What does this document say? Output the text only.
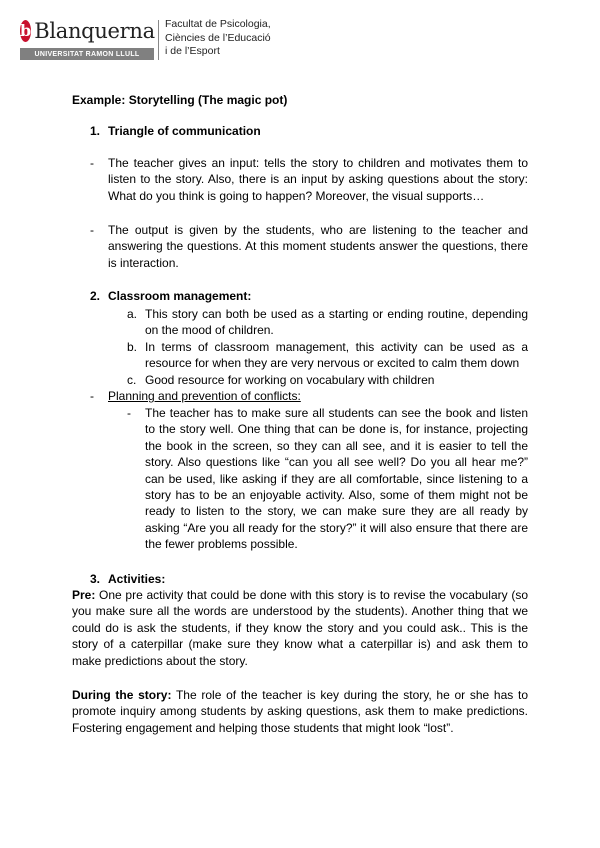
b Blanquerna
UNIVERSITAT RAMON LLULL
Facultat de Psicologia,
Ciències de l’Educació
i de l’Esport
Example: Storytelling (The magic pot)
1. Triangle of communication
- The teacher gives an input: tells the story to children and motivates them to listen to the story. Also, there is an input by asking questions about the story: What do you think is going to happen? Moreover, the visual supports…
- The output is given by the students, who are listening to the teacher and answering the questions. At this moment students answer the questions, there is interaction.
2. Classroom management:
a. This story can both be used as a starting or ending routine, depending on the mood of children.
b. In terms of classroom management, this activity can be used as a resource for when they are very nervous or excited to calm them down
c. Good resource for working on vocabulary with children
- Planning and prevention of conflicts:
- The teacher has to make sure all students can see the book and listen to the story well. One thing that can be done is, for instance, projecting the book in the screen, so they can all see, and it is easier to tell the story. Also questions like “can you all see well? Do you all hear me?” can be used, like asking if they are all comfortable, since listening to a story has to be an enjoyable activity. Also, some of them might not be ready to listen to the story, we can make sure they are all ready by asking “Are you all ready for the story?” it will also ensure that there are the fewer problems possible.
3. Activities:
Pre: One pre activity that could be done with this story is to revise the vocabulary (so you make sure all the words are understood by the students). Another thing that we could do is ask the students, if they know the story and you could ask.. This is the story of a caterpillar (make sure they know what a caterpillar is) and ask them to make predictions about the story.
During the story: The role of the teacher is key during the story, he or she has to promote inquiry among students by asking questions, ask them to make predictions. Fostering engagement and helping those students that might look “lost”.
